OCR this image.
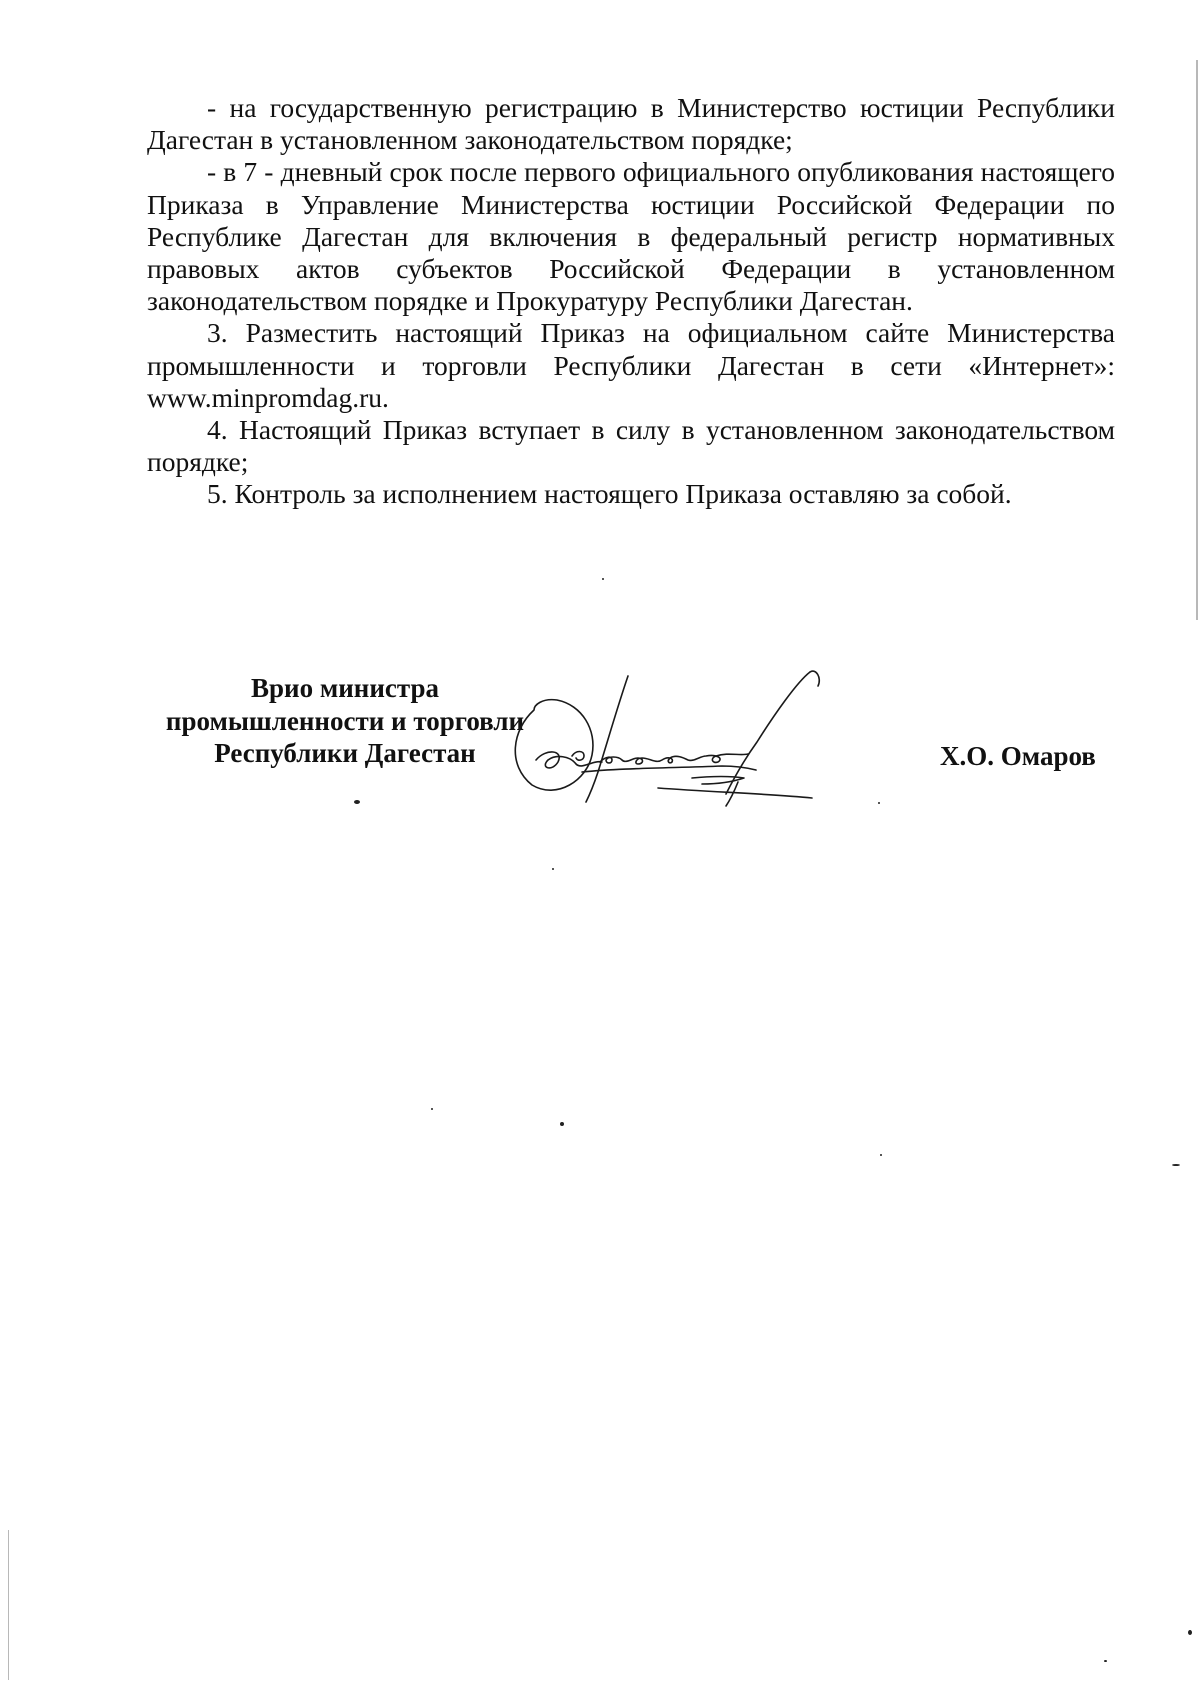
- на государственную регистрацию в Министерство юстиции Республики Дагестан в установленном законодательством порядке;

- в 7 - дневный срок после первого официального опубликования настоящего Приказа в Управление Министерства юстиции Российской Федерации по Республике Дагестан для включения в федеральный регистр нормативных правовых актов субъектов Российской Федерации в установленном законодательством порядке и Прокуратуру Республики Дагестан.

3. Разместить настоящий Приказ на официальном сайте Министерства промышленности и торговли Республики Дагестан в сети «Интернет»: www.minpromdag.ru.

4. Настоящий Приказ вступает в силу в установленном законодательством порядке;

5. Контроль за исполнением настоящего Приказа оставляю за собой.

Врио министра
промышленности и торговли
Республики Дагестан	Х.О. Омаров
